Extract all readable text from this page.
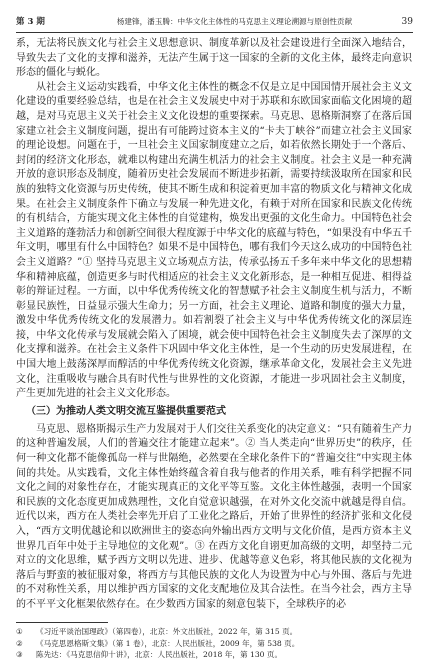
第 3 期	杨建锋，潘玉腾：中华文化主体性的马克思主义理论溯源与原创性贡献	39

系，无法将民族文化与社会主义思想意识、制度革新以及社会建设进行全面深入地结合，导致失去了文化的支撑和滋养，无法产生属于这一国家的全新的文化主体，最终走向意识形态的僵化与蜕化。

从社会主义运动实践看，中华文化主体性的概念不仅是立足中国国情开展社会主义文化建设的重要经验总结，也是在社会主义发展史中对于苏联和东欧国家面临文化困境的超越，是对马克思主义关于社会主义文化设想的重要探索。马克思、恩格斯洞察了在落后国家建立社会主义制度问题，提出有可能跨过资本主义的“卡夫丁峡谷”而建立社会主义国家的理论设想。问题在于，一旦社会主义国家制度建立之后，如若依然长期处于一个落后、封闭的经济文化形态，就难以构建出充满生机活力的社会主义制度。社会主义是一种充满开放的意识形态及制度，随着历史社会发展而不断进步拓新，需要持续汲取所在国家和民族的独特文化资源与历史传统，使其不断生成和积淀着更加丰富的物质文化与精神文化成果。在社会主义制度条件下确立与发展一种先进文化，有赖于对所在国家和民族文化传统的有机结合，方能实现文化主体性的自觉建构，焕发出更强的文化生命力。中国特色社会主义道路的蓬勃活力和创新空间很大程度源于中华文化的底蕴与特色，“如果没有中华五千年文明，哪里有什么中国特色？如果不是中国特色，哪有我们今天这么成功的中国特色社会主义道路？”① 坚持马克思主义立场观点方法，传承弘扬五千多年来中华文化的思想精华和精神底蕴，创造更多与时代相适应的社会主义文化新形态，是一种相互促进、相得益彰的辩证过程。一方面，以中华优秀传统文化的智慧赋予社会主义制度生机与活力，不断彰显民族性，日益显示强大生命力；另一方面，社会主义理论、道路和制度的强大力量，激发中华优秀传统文化的发展潜力。如若割裂了社会主义与中华优秀传统文化的深层连接，中华文化传承与发展就会陷入了困境，就会使中国特色社会主义制度失去了深厚的文化支撑和滋养。在社会主义条件下巩固中华文化主体性，是一个生动的历史发展进程，在中国大地上鼓荡深厚而醇活的中华优秀传统文化资源，继承革命文化，发展社会主义先进文化，注重吸收与融合具有时代性与世界性的文化资源，才能进一步巩固社会主义制度，产生更加先进的社会主义文化形态。

（三）为推动人类文明交流互鉴提供重要范式

马克思、恩格斯揭示生产力发展对于人们交往关系变化的决定意义：“只有随着生产力的这种普遍发展，人们的普遍交往才能建立起来”。② 当人类走向“世界历史”的秩序，任何一种文化都不能像孤岛一样与世隔绝，必然要在全球化条件下的“普遍交往”中实现主体间的共处。从实践看，文化主体性始终蕴含着自我与他者的作用关系，唯有科学把握不同文化之间的对象性存在，才能实现真正的文化平等互鉴。文化主体性越强，表明一个国家和民族的文化态度更加成熟理性，文化自觉意识越强，在对外文化交流中就越是得自信。近代以来，西方在人类社会率先开启了工业化之路后，开始了世界性的经济扩张和文化侵入，“西方文明优越论和以欧洲世主的姿态向外输出西方文明与文化价值，是西方资本主义世界几百年中处于主导地位的文化观”。③ 在西方文化自诩更加高级的文明，却坚持二元对立的文化思维，赋予西方文明以先进、进步、优越等意义色彩，将其他民族的文化视为落后与野蛮的被征服对象，将西方与其他民族的文化人为设置为中心与外围、落后与先进的不对称性关系，用以维护西方国家的文化支配地位及其合法性。在当今社会，西方主导的不平平文化框架依然存在。在少数西方国家的刻意包装下，全球秩序的必

① 《习近平谈治国理政》（第四卷），北京：外文出版社，2022 年，第 315 页。
② 《马克思恩格斯文集》（第 1 卷），北京：人民出版社，2009 年，第 538 页。
③ 陈先达：《马克思信仰十讲》，北京：人民出版社，2018 年，第 130 页。
